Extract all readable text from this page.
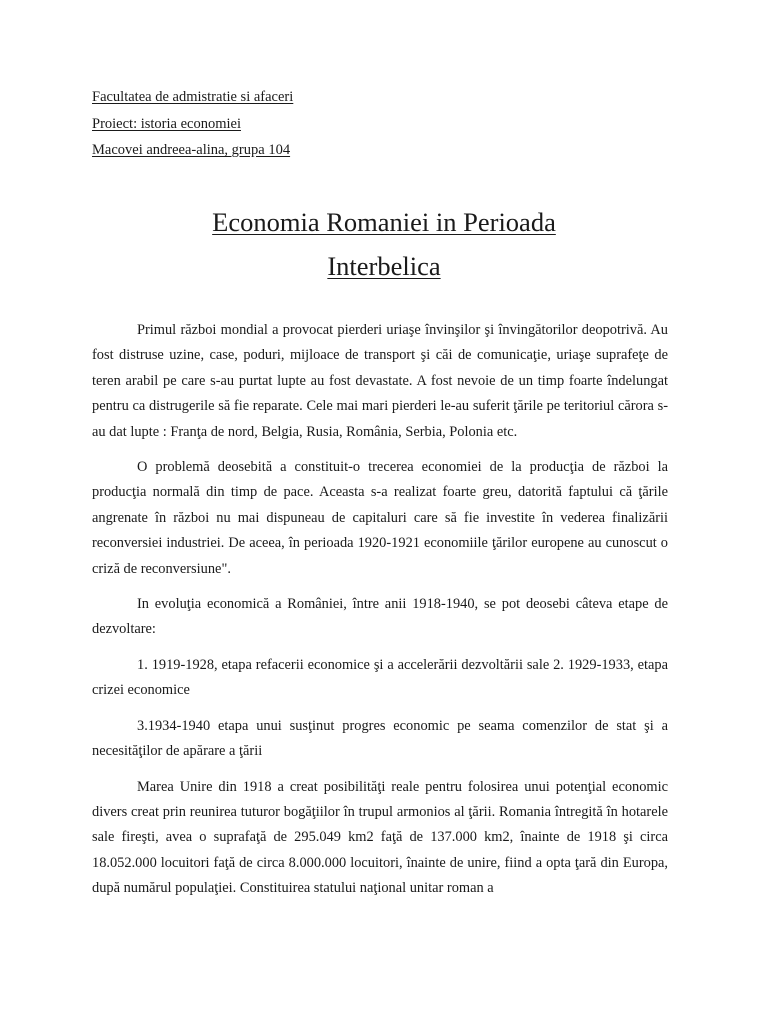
Facultatea de admistratie si afaceri
Proiect: istoria economiei
Macovei andreea-alina, grupa 104
Economia Romaniei in Perioada
Interbelica

Primul război mondial a provocat pierderi uriaşe învinşilor şi învingătorilor deopotrivă. Au fost distruse uzine, case, poduri, mijloace de transport şi căi de comunicaţie, uriaşe suprafeţe de teren arabil pe care s-au purtat lupte au fost devastate. A fost nevoie de un timp foarte îndelungat pentru ca distrugerile să fie reparate. Cele mai mari pierderi le-au suferit ţările pe teritoriul cărora s-au dat lupte : Franţa de nord, Belgia, Rusia, România, Serbia, Polonia etc.

O problemă deosebită a constituit-o trecerea economiei de la producţia de război la producţia normală din timp de pace. Aceasta s-a realizat foarte greu, datorită faptului că ţările angrenate în război nu mai dispuneau de capitaluri care să fie investite în vederea finalizării reconversiei industriei. De aceea, în perioada 1920-1921 economiile ţărilor europene au cunoscut o criză de reconversiune".

In evoluţia economică a României, între anii 1918-1940, se pot deosebi câteva etape de dezvoltare:

1. 1919-1928, etapa refacerii economice şi a accelerării dezvoltării sale 2. 1929-1933, etapa crizei economice

3.1934-1940 etapa unui susţinut progres economic pe seama comenzilor de stat şi a necesităţilor de apărare a ţării

Marea Unire din 1918 a creat posibilităţi reale pentru folosirea unui potenţial economic divers creat prin reunirea tuturor bogăţiilor în trupul armonios al ţării. Romania întregită în hotarele sale fireşti, avea o suprafaţă de 295.049 km2 faţă de 137.000 km2, înainte de 1918 şi circa 18.052.000 locuitori faţă de circa 8.000.000 locuitori, înainte de unire, fiind a opta ţară din Europa, după numărul populaţiei. Constituirea statului naţional unitar roman a
